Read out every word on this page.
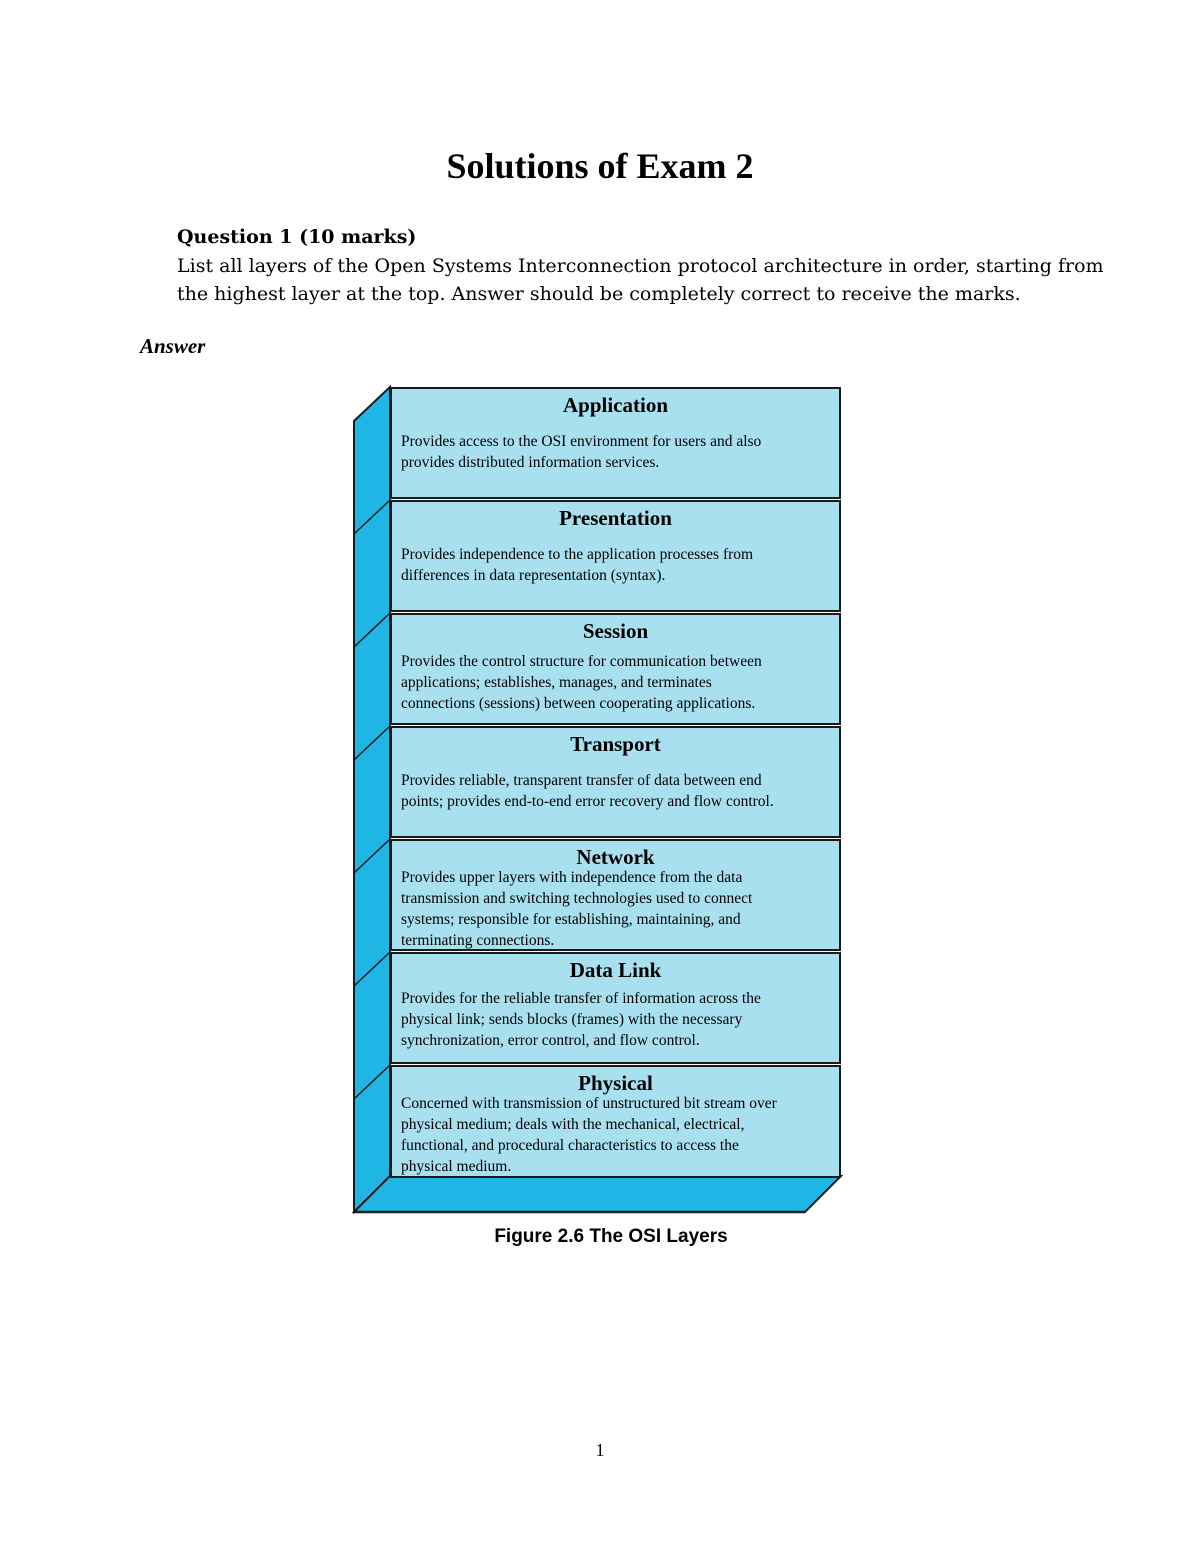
Solutions of Exam 2
Question 1 (10 marks)
List all layers of the Open Systems Interconnection protocol architecture in order, starting from
the highest layer at the top. Answer should be completely correct to receive the marks.
Answer
Application
Provides access to the OSI environment for users and also
provides distributed information services.
Presentation
Provides independence to the application processes from
differences in data representation (syntax).
Session
Provides the control structure for communication between
applications; establishes, manages, and terminates
connections (sessions) between cooperating applications.
Transport
Provides reliable, transparent transfer of data between end
points; provides end-to-end error recovery and flow control.
Network
Provides upper layers with independence from the data
transmission and switching technologies used to connect
systems; responsible for establishing, maintaining, and
terminating connections.
Data Link
Provides for the reliable transfer of information across the
physical link; sends blocks (frames) with the necessary
synchronization, error control, and flow control.
Physical
Concerned with transmission of unstructured bit stream over
physical medium; deals with the mechanical, electrical,
functional, and procedural characteristics to access the
physical medium.
Figure 2.6 The OSI Layers
1
